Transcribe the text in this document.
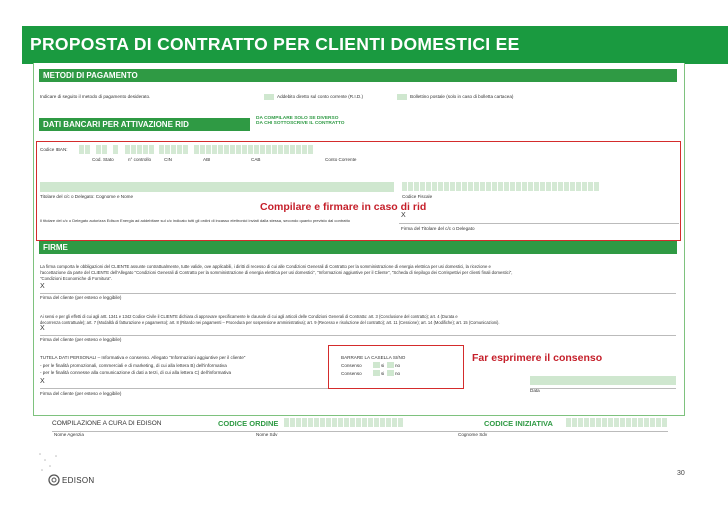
PROPOSTA DI CONTRATTO PER CLIENTI DOMESTICI EE
METODI DI PAGAMENTO
Indicare di seguito il metodo di pagamento desiderato.	Addebito diretto sul conto corrente (R.I.D.)	Bollettino postale (solo in caso di bolletta cartacea)
DATI BANCARI PER ATTIVAZIONE RID
DA COMPILARE SOLO SE DIVERSO DA CHI SOTTOSCRIVE IL CONTRATTO
Codice IBAN:
Cod. Stato	n° controllo	CIN	ABI	CAB	Conto Corrente
Titolare del c/c o Delegato: Cognome e Nome	Codice Fiscale
Il titolare del c/c o Delegato autorizza Edison Energia ad addebitare sul c/c indicato tutti gli ordini di incasso elettronici inviati dalla stessa, secondo quanto previsto dal contratto
X
Firma del Titolare del c/c o Delegato
FIRME
La firma comporta le obbligazioni del CLIENTE assunte contrattualmente, tutte valide, ove applicabili, i diritti di recesso di cui alle Condizioni Generali di Contratto per la somministrazione di energia elettrica per usi domestici, la ricezione e
l'accettazione da parte del CLIENTE dell'Allegato "Condizioni Generali di Contratto per la somministrazione di energia elettrica per usi domestici", "Informazioni aggiuntive per il Cliente", "Scheda di riepilogo dei Corrispettivi per clienti finali domestici",
"Condizioni Economiche di Fornitura".
X
Firma del cliente (per esteso e leggibile)
Ai sensi e per gli effetti di cui agli artt. 1341 e 1342 Codice Civile il CLIENTE dichiara di approvare specificamente le clausole di cui agli articoli delle Condizioni Generali di Contratto: art. 3 (Conclusione del contratto); art. 4 (Durata e
decorrenza contrattuale); art. 7 (Modalità di fatturazione e pagamento); art. 8 (Ritardo nei pagamenti – Procedura per sospensione amministrativa); art. 9 (Recesso e risoluzione del contratto); art. 11 (Cessione); art. 14 (Modifiche); art. 15 (Comunicazioni).
X
Firma del cliente (per esteso e leggibile)
TUTELA DATI PERSONALI – Informativa e consenso. Allegato "Informazioni aggiuntive per il cliente"
- per le finalità promozionali, commerciali e di marketing, di cui alla lettera B) dell'informativa
- per le finalità connesse alla comunicazione di dati a terzi, di cui alla lettera C) dell'informativa
BARRARE LA CASELLA SI/NO
Consenso	si no
Consenso	si no
X
Firma del cliente (per esteso e leggibile)
Data
COMPILAZIONE A CURA DI EDISON	CODICE ORDINE	CODICE INIZIATIVA
Nome Agenzia	Nome Sdv	Cognome Sdv
Compilare e firmare in caso di rid
Far esprimere il consenso
EDISON
30
